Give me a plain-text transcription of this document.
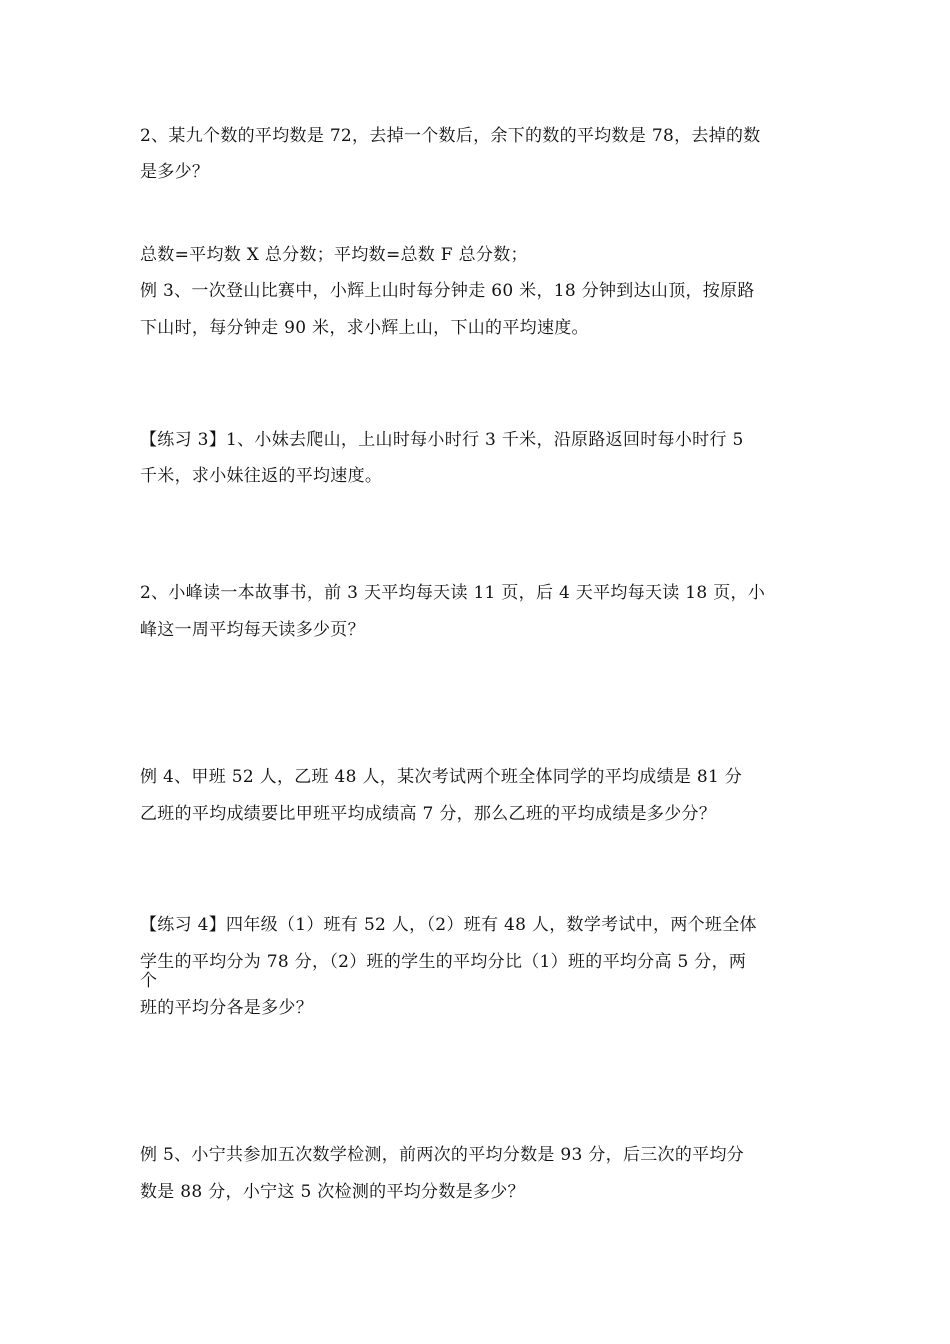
2、某九个数的平均数是 72，去掉一个数后，余下的数的平均数是 78，去掉的数
是多少？
总数=平均数 X 总分数；平均数=总数 F 总分数；
例 3、一次登山比赛中，小辉上山时每分钟走 60 米，18 分钟到达山顶，按原路
下山时，每分钟走 90 米，求小辉上山，下山的平均速度。
【练习 3】1、小妹去爬山，上山时每小时行 3 千米，沿原路返回时每小时行 5
千米，求小妹往返的平均速度。
2、小峰读一本故事书，前 3 天平均每天读 11 页，后 4 天平均每天读 18 页，小
峰这一周平均每天读多少页？
例 4、甲班 52 人，乙班 48 人，某次考试两个班全体同学的平均成绩是 81 分
乙班的平均成绩要比甲班平均成绩高 7 分，那么乙班的平均成绩是多少分？
【练习 4】四年级（1）班有 52 人，（2）班有 48 人，数学考试中，两个班全体
学生的平均分为 78 分，（2）班的学生的平均分比（1）班的平均分高 5 分，两
个
班的平均分各是多少？
例 5、小宁共参加五次数学检测，前两次的平均分数是 93 分，后三次的平均分
数是 88 分，小宁这 5 次检测的平均分数是多少？
